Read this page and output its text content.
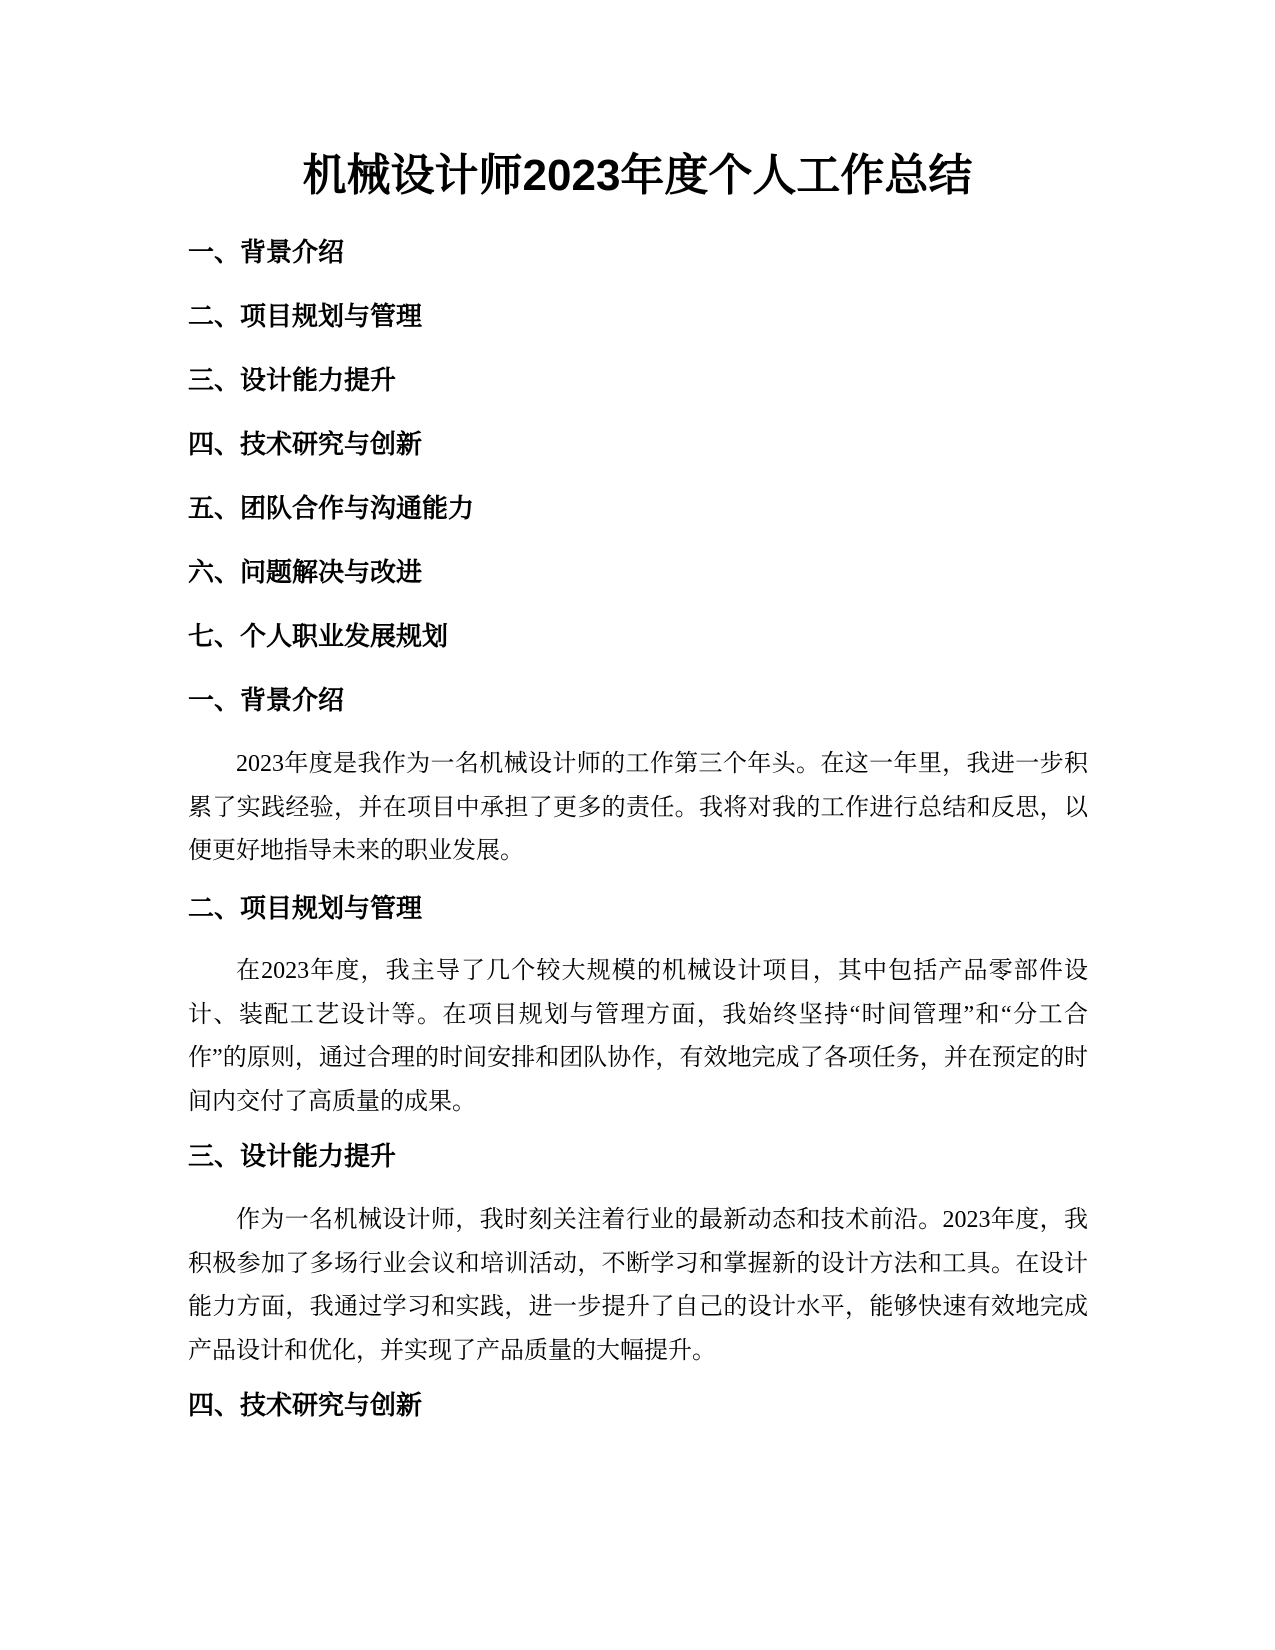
机械设计师2023年度个人工作总结
一、背景介绍
二、项目规划与管理
三、设计能力提升
四、技术研究与创新
五、团队合作与沟通能力
六、问题解决与改进
七、个人职业发展规划
一、背景介绍

2023年度是我作为一名机械设计师的工作第三个年头。在这一年里，我进一步积累了实践经验，并在项目中承担了更多的责任。我将对我的工作进行总结和反思，以便更好地指导未来的职业发展。

二、项目规划与管理

在2023年度，我主导了几个较大规模的机械设计项目，其中包括产品零部件设计、装配工艺设计等。在项目规划与管理方面，我始终坚持“时间管理”和“分工合作”的原则，通过合理的时间安排和团队协作，有效地完成了各项任务，并在预定的时间内交付了高质量的成果。

三、设计能力提升

作为一名机械设计师，我时刻关注着行业的最新动态和技术前沿。2023年度，我积极参加了多场行业会议和培训活动，不断学习和掌握新的设计方法和工具。在设计能力方面，我通过学习和实践，进一步提升了自己的设计水平，能够快速有效地完成产品设计和优化，并实现了产品质量的大幅提升。

四、技术研究与创新
